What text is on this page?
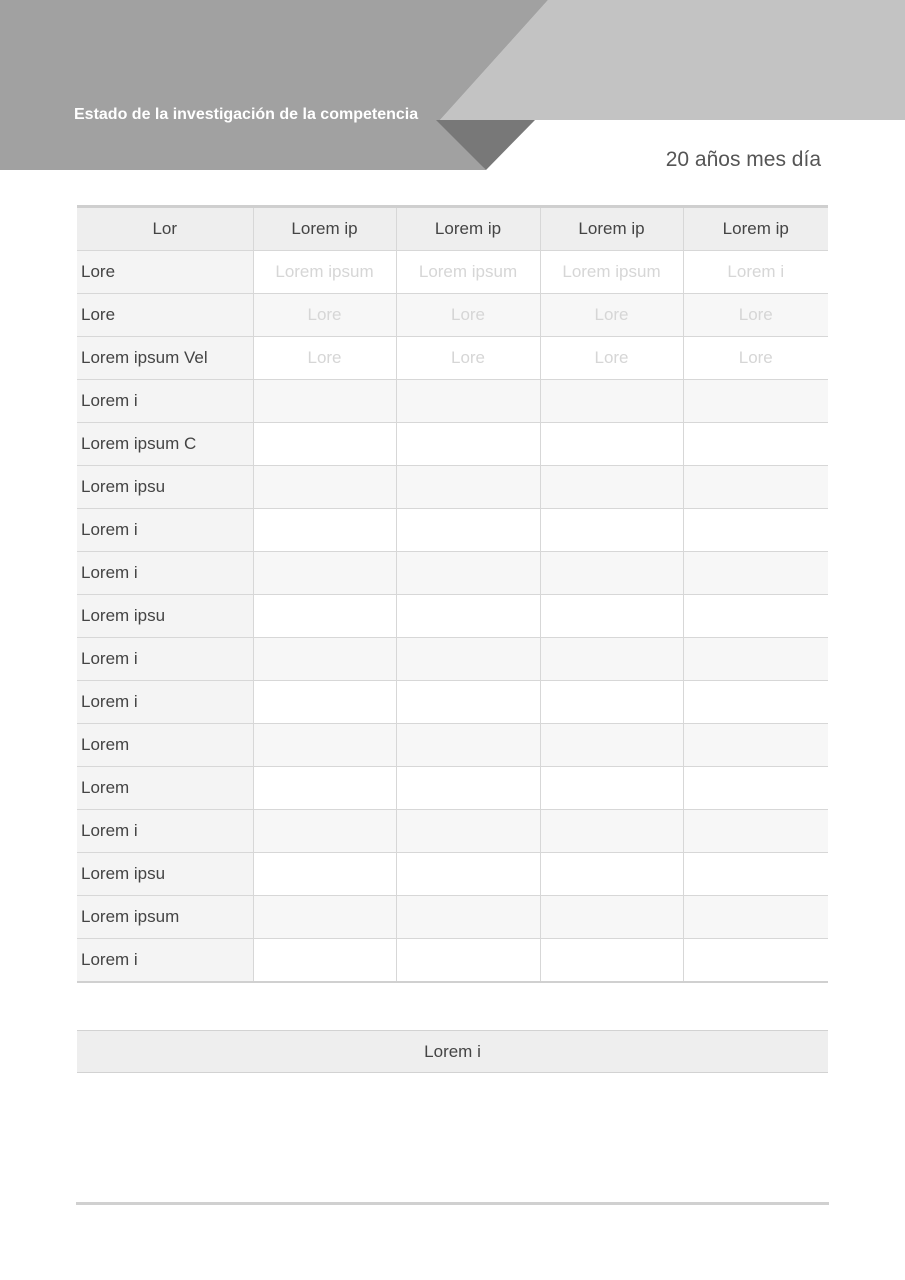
Estado de la investigación de la competencia
20 años mes día
Lor	Lorem ip	Lorem ip	Lorem ip	Lorem ip
Lore	Lorem ipsum	Lorem ipsum	Lorem ipsum	Lorem i
Lore	Lore	Lore	Lore	Lore
Lorem ipsum Vel	Lore	Lore	Lore	Lore
Lorem i				
Lorem ipsum C				
Lorem ipsu				
Lorem i				
Lorem i				
Lorem ipsu				
Lorem i				
Lorem i				
Lorem				
Lorem				
Lorem i				
Lorem ipsu				
Lorem ipsum				
Lorem i				
Lorem i
